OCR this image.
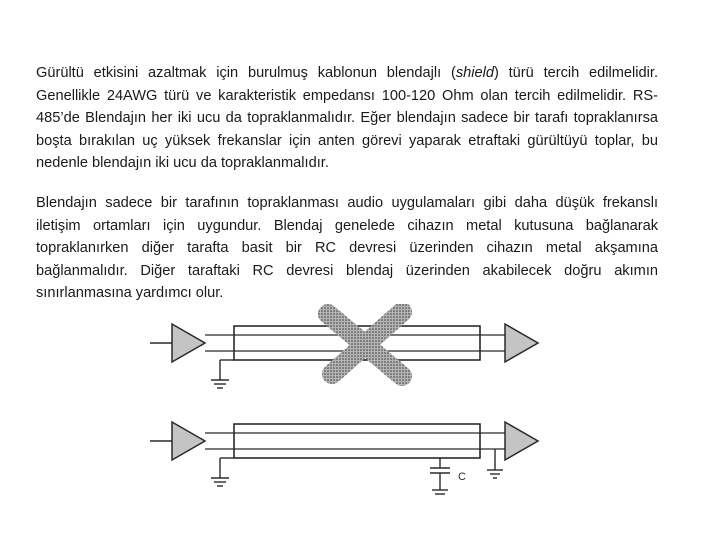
Gürültü etkisini azaltmak için burulmuş kablonun blendajlı (shield) türü tercih edilmelidir. Genellikle 24AWG türü ve karakteristik empedansı 100-120 Ohm olan tercih edilmelidir. RS-485’de Blendajın her iki ucu da topraklanmalıdır. Eğer blendajın sadece bir tarafı topraklanırsa boşta bırakılan uç yüksek frekanslar için anten görevi yaparak etraftaki gürültüyü toplar, bu nedenle blendajın iki ucu da topraklanmalıdır.

Blendajın sadece bir tarafının topraklanması audio uygulamaları gibi daha düşük frekanslı iletişim ortamları için uygundur. Blendaj genelede cihazın metal kutusuna bağlanarak topraklanırken diğer tarafta basit bir RC devresi üzerinden cihazın metal akşamına bağlanmalıdır. Diğer taraftaki RC devresi blendaj üzerinden akabilecek doğru akımın sınırlanmasına yardımcı olur.

C
